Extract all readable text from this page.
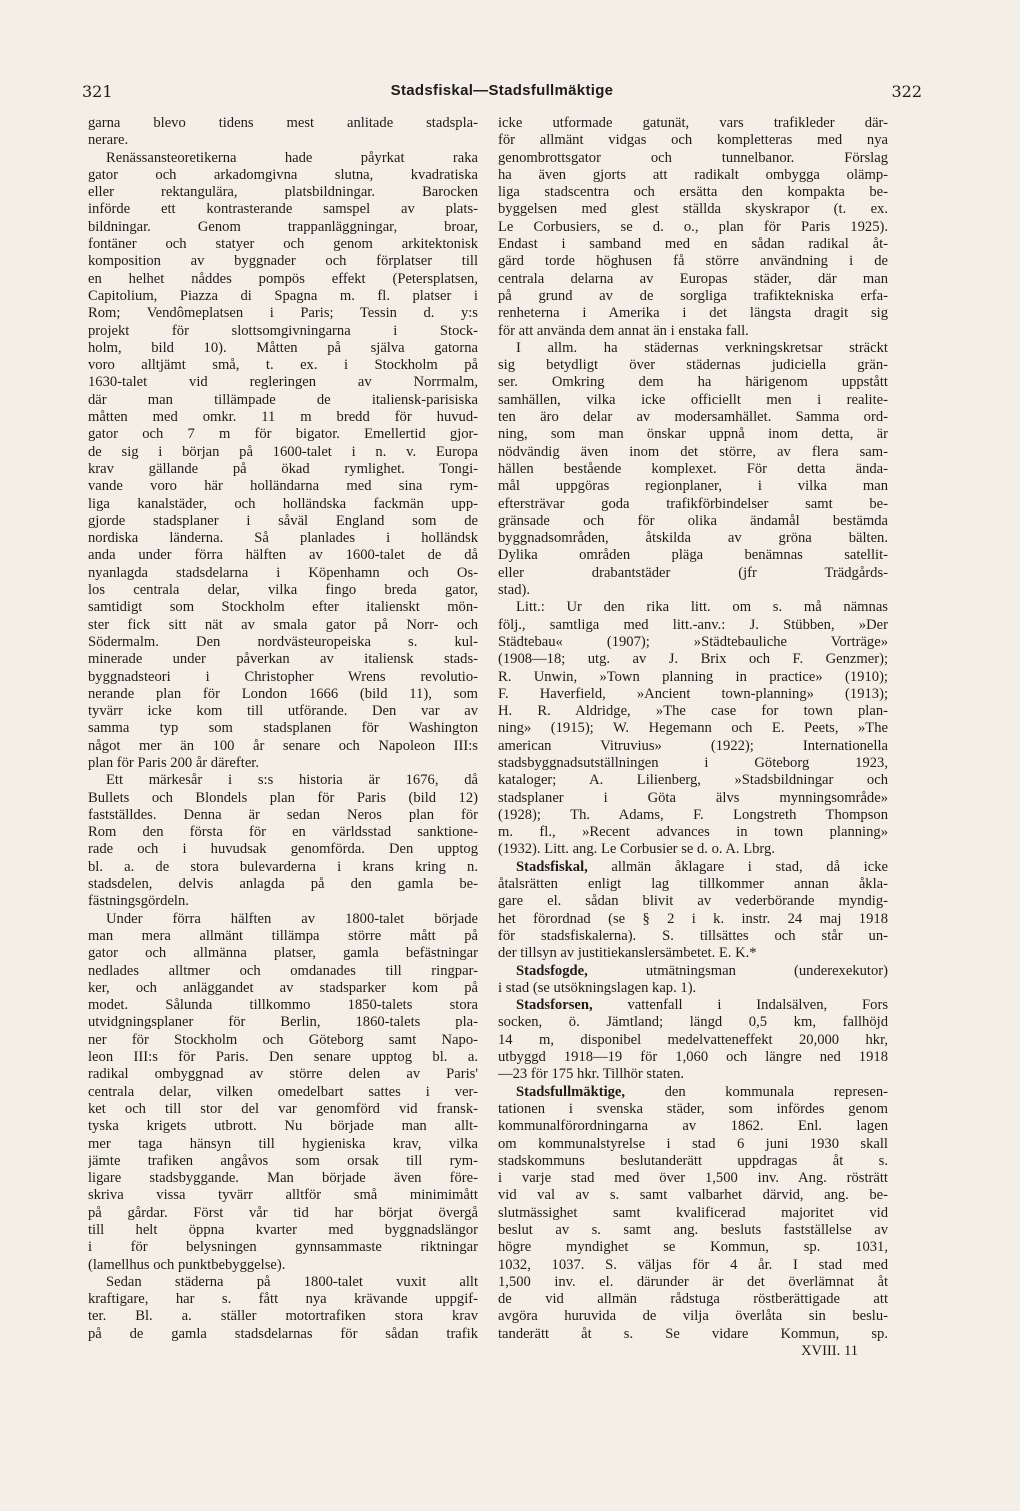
321	Stadsfiskal—Stadsfullmäktige	322
garna blevo tidens mest anlitade stadspla-
nerare.
Renässansteoretikerna hade påyrkat raka
gator och arkadomgivna slutna, kvadratiska
eller rektangulära, platsbildningar. Barocken
införde ett kontrasterande samspel av plats-
bildningar. Genom trappanläggningar, broar,
fontäner och statyer och genom arkitektonisk
komposition av byggnader och förplatser till
en helhet nåddes pompös effekt (Petersplatsen,
Capitolium, Piazza di Spagna m. fl. platser i
Rom; Vendômeplatsen i Paris; Tessin d. y:s
projekt för slottsomgivningarna i Stock-
holm, bild 10). Måtten på själva gatorna
voro alltjämt små, t. ex. i Stockholm på
1630-talet vid regleringen av Norrmalm,
där man tillämpade de italiensk-parisiska
måtten med omkr. 11 m bredd för huvud-
gator och 7 m för bigator. Emellertid gjor-
de sig i början på 1600-talet i n. v. Europa
krav gällande på ökad rymlighet. Tongi-
vande voro här holländarna med sina rym-
liga kanalstäder, och holländska fackmän upp-
gjorde stadsplaner i såväl England som de
nordiska länderna. Så planlades i holländsk
anda under förra hälften av 1600-talet de då
nyanlagda stadsdelarna i Köpenhamn och Os-
los centrala delar, vilka fingo breda gator,
samtidigt som Stockholm efter italienskt mön-
ster fick sitt nät av smala gator på Norr- och
Södermalm. Den nordvästeuropeiska s. kul-
minerade under påverkan av italiensk stads-
byggnadsteori i Christopher Wrens revolutio-
nerande plan för London 1666 (bild 11), som
tyvärr icke kom till utförande. Den var av
samma typ som stadsplanen för Washington
något mer än 100 år senare och Napoleon III:s
plan för Paris 200 år därefter.
Ett märkesår i s:s historia är 1676, då
Bullets och Blondels plan för Paris (bild 12)
fastställdes. Denna är sedan Neros plan för
Rom den första för en världsstad sanktione-
rade och i huvudsak genomförda. Den upptog
bl. a. de stora bulevarderna i krans kring n.
stadsdelen, delvis anlagda på den gamla be-
fästningsgördeln.
Under förra hälften av 1800-talet började
man mera allmänt tillämpa större mått på
gator och allmänna platser, gamla befästningar
nedlades alltmer och omdanades till ringpar-
ker, och anläggandet av stadsparker kom på
modet. Sålunda tillkommo 1850-talets stora
utvidgningsplaner för Berlin, 1860-talets pla-
ner för Stockholm och Göteborg samt Napo-
leon III:s för Paris. Den senare upptog bl. a.
radikal ombyggnad av större delen av Paris'
centrala delar, vilken omedelbart sattes i ver-
ket och till stor del var genomförd vid fransk-
tyska krigets utbrott. Nu började man allt-
mer taga hänsyn till hygieniska krav, vilka
jämte trafiken angåvos som orsak till rym-
ligare stadsbyggande. Man började även före-
skriva vissa tyvärr alltför små minimimått
på gårdar. Först vår tid har börjat övergå
till helt öppna kvarter med byggnadslängor
i för belysningen gynnsammaste riktningar
(lamellhus och punktbebyggelse).
Sedan städerna på 1800-talet vuxit allt
kraftigare, har s. fått nya krävande uppgif-
ter. Bl. a. ställer motortrafiken stora krav
på de gamla stadsdelarnas för sådan trafik
icke utformade gatunät, vars trafikleder där-
för allmänt vidgas och kompletteras med nya
genombrottsgator och tunnelbanor. Förslag
ha även gjorts att radikalt ombygga olämp-
liga stadscentra och ersätta den kompakta be-
byggelsen med glest ställda skyskrapor (t. ex.
Le Corbusiers, se d. o., plan för Paris 1925).
Endast i samband med en sådan radikal åt-
gärd torde höghusen få större användning i de
centrala delarna av Europas städer, där man
på grund av de sorgliga trafiktekniska erfa-
renheterna i Amerika i det längsta dragit sig
för att använda dem annat än i enstaka fall.
I allm. ha städernas verkningskretsar sträckt
sig betydligt över städernas judiciella grän-
ser. Omkring dem ha härigenom uppstått
samhällen, vilka icke officiellt men i realite-
ten äro delar av modersamhället. Samma ord-
ning, som man önskar uppnå inom detta, är
nödvändig även inom det större, av flera sam-
hällen bestående komplexet. För detta ända-
mål uppgöras regionplaner, i vilka man
eftersträvar goda trafikförbindelser samt be-
gränsade och för olika ändamål bestämda
byggnadsområden, åtskilda av gröna bälten.
Dylika områden pläga benämnas satellit-
eller drabantstäder (jfr Trädgårds-
stad).
Litt.: Ur den rika litt. om s. må nämnas
följ., samtliga med litt.-anv.: J. Stübben, »Der
Städtebau« (1907); »Städtebauliche Vorträge»
(1908—18; utg. av J. Brix och F. Genzmer);
R. Unwin, »Town planning in practice» (1910);
F. Haverfield, »Ancient town-planning» (1913);
H. R. Aldridge, »The case for town plan-
ning» (1915); W. Hegemann och E. Peets, »The
american Vitruvius» (1922); Internationella
stadsbyggnadsutställningen i Göteborg 1923,
kataloger; A. Lilienberg, »Stadsbildningar och
stadsplaner i Göta älvs mynningsområde»
(1928); Th. Adams, F. Longstreth Thompson
m. fl., »Recent advances in town planning»
(1932). Litt. ang. Le Corbusier se d. o. A. Lbrg.
Stadsfiskal, allmän åklagare i stad, då icke
åtalsrätten enligt lag tillkommer annan åkla-
gare el. sådan blivit av vederbörande myndig-
het förordnad (se § 2 i k. instr. 24 maj 1918
för stadsfiskalerna). S. tillsättes och står un-
der tillsyn av justitiekanslersämbetet. E. K.*
Stadsfogde, utmätningsman (underexekutor)
i stad (se utsökningslagen kap. 1).
Stadsforsen, vattenfall i Indalsälven, Fors
socken, ö. Jämtland; längd 0,5 km, fallhöjd
14 m, disponibel medelvatteneffekt 20,000 hkr,
utbyggd 1918—19 för 1,060 och längre ned 1918
—23 för 175 hkr. Tillhör staten.
Stadsfullmäktige, den kommunala represen-
tationen i svenska städer, som infördes genom
kommunalförordningarna av 1862. Enl. lagen
om kommunalstyrelse i stad 6 juni 1930 skall
stadskommuns beslutanderätt uppdragas åt s.
i varje stad med över 1,500 inv. Ang. rösträtt
vid val av s. samt valbarhet därvid, ang. be-
slutmässighet samt kvalificerad majoritet vid
beslut av s. samt ang. besluts fastställelse av
högre myndighet se Kommun, sp. 1031,
1032, 1037. S. väljas för 4 år. I stad med
1,500 inv. el. därunder är det överlämnat åt
de vid allmän rådstuga röstberättigade att
avgöra huruvida de vilja överlåta sin beslu-
tanderätt åt s. Se vidare Kommun, sp.
XVIII. 11
